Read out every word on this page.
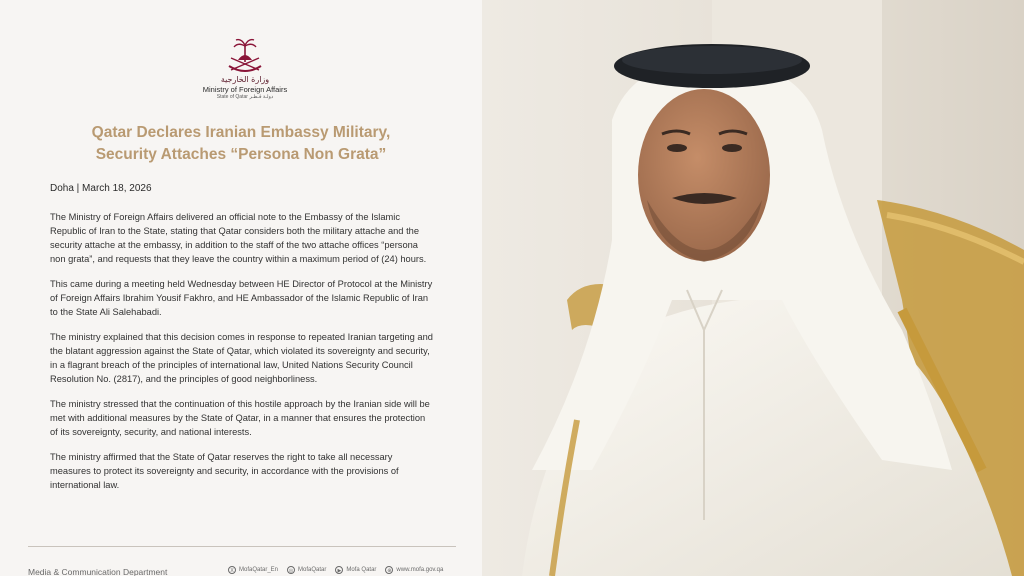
وزارة الخارجية
Ministry of Foreign Affairs
State of Qatar دولـة قـطـر
Qatar Declares Iranian Embassy Military,
Security Attaches “Persona Non Grata”

Doha | March 18, 2026

The Ministry of Foreign Affairs delivered an official note to the Embassy of the Islamic Republic of Iran to the State, stating that Qatar considers both the military attache and the security attache at the embassy, in addition to the staff of the two attache offices “persona non grata”, and requests that they leave the country within a maximum period of (24) hours.

This came during a meeting held Wednesday between HE Director of Protocol at the Ministry of Foreign Affairs Ibrahim Yousif Fakhro, and HE Ambassador of the Islamic Republic of Iran to the State Ali Salehabadi.

The ministry explained that this decision comes in response to repeated Iranian targeting and the blatant aggression against the State of Qatar, which violated its sovereignty and security, in a flagrant breach of the principles of international law, United Nations Security Council Resolution No. (2817), and the principles of good neighborliness.

The ministry stressed that the continuation of this hostile approach by the Iranian side will be met with additional measures by the State of Qatar, in a manner that ensures the protection of its sovereignty, security, and national interests.

The ministry affirmed that the State of Qatar reserves the right to take all necessary measures to protect its sovereignty and security, in accordance with the provisions of international law.

Media & Communication Department	X MofaQatar_En	◎ MofaQatar	▶ Mofa Qatar	⊕ www.mofa.gov.qa
